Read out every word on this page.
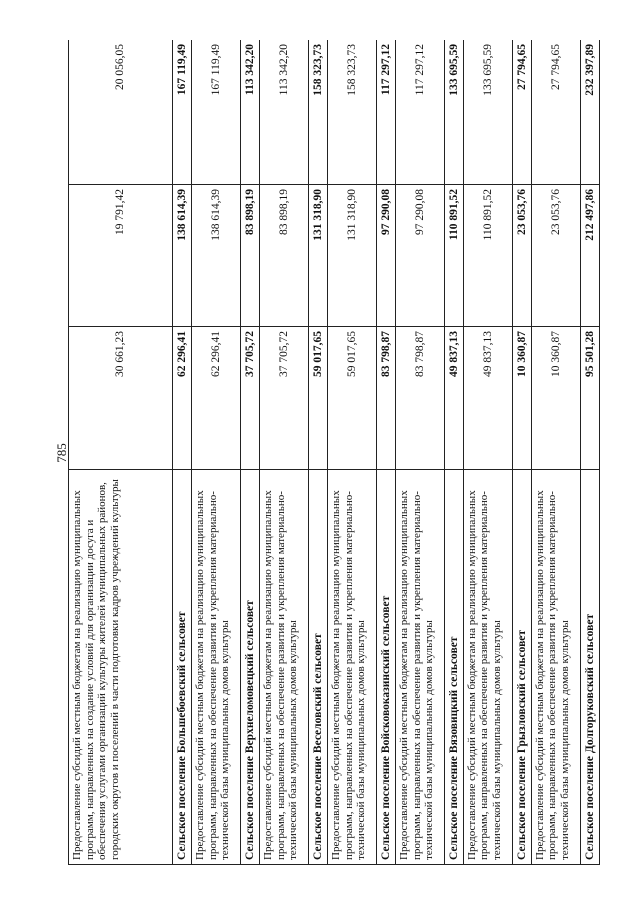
785
Предоставление субсидий местным бюджетам на реализацию муниципальных программ, направленных на создание условий для организации досуга и обеспечения услугами организаций культуры жителей муниципальных районов, городских округов и поселений в части подготовки кадров учреждений культуры	30 661,23	19 791,42	20 056,05
Сельское поселение Большебоевский сельсовет	62 296,41	138 614,39	167 119,49
Предоставление субсидий местным бюджетам на реализацию муниципальных программ, направленных на обеспечение развития и укрепления материально-технической базы муниципальных домов культуры	62 296,41	138 614,39	167 119,49
Сельское поселение Верхнеломовецкий сельсовет	37 705,72	83 898,19	113 342,20
Предоставление субсидий местным бюджетам на реализацию муниципальных программ, направленных на обеспечение развития и укрепления материально-технической базы муниципальных домов культуры	37 705,72	83 898,19	113 342,20
Сельское поселение Веселовский сельсовет	59 017,65	131 318,90	158 323,73
Предоставление субсидий местным бюджетам на реализацию муниципальных программ, направленных на обеспечение развития и укрепления материально-технической базы муниципальных домов культуры	59 017,65	131 318,90	158 323,73
Сельское поселение Войсковоказинский сельсовет	83 798,87	97 290,08	117 297,12
Предоставление субсидий местным бюджетам на реализацию муниципальных программ, направленных на обеспечение развития и укрепления материально-технической базы муниципальных домов культуры	83 798,87	97 290,08	117 297,12
Сельское поселение Вязовицкий сельсовет	49 837,13	110 891,52	133 695,59
Предоставление субсидий местным бюджетам на реализацию муниципальных программ, направленных на обеспечение развития и укрепления материально-технической базы муниципальных домов культуры	49 837,13	110 891,52	133 695,59
Сельское поселение Грызловский сельсовет	10 360,87	23 053,76	27 794,65
Предоставление субсидий местным бюджетам на реализацию муниципальных программ, направленных на обеспечение развития и укрепления материально-технической базы муниципальных домов культуры	10 360,87	23 053,76	27 794,65
Сельское поселение Долгоруковский сельсовет	95 501,28	212 497,86	232 397,89
